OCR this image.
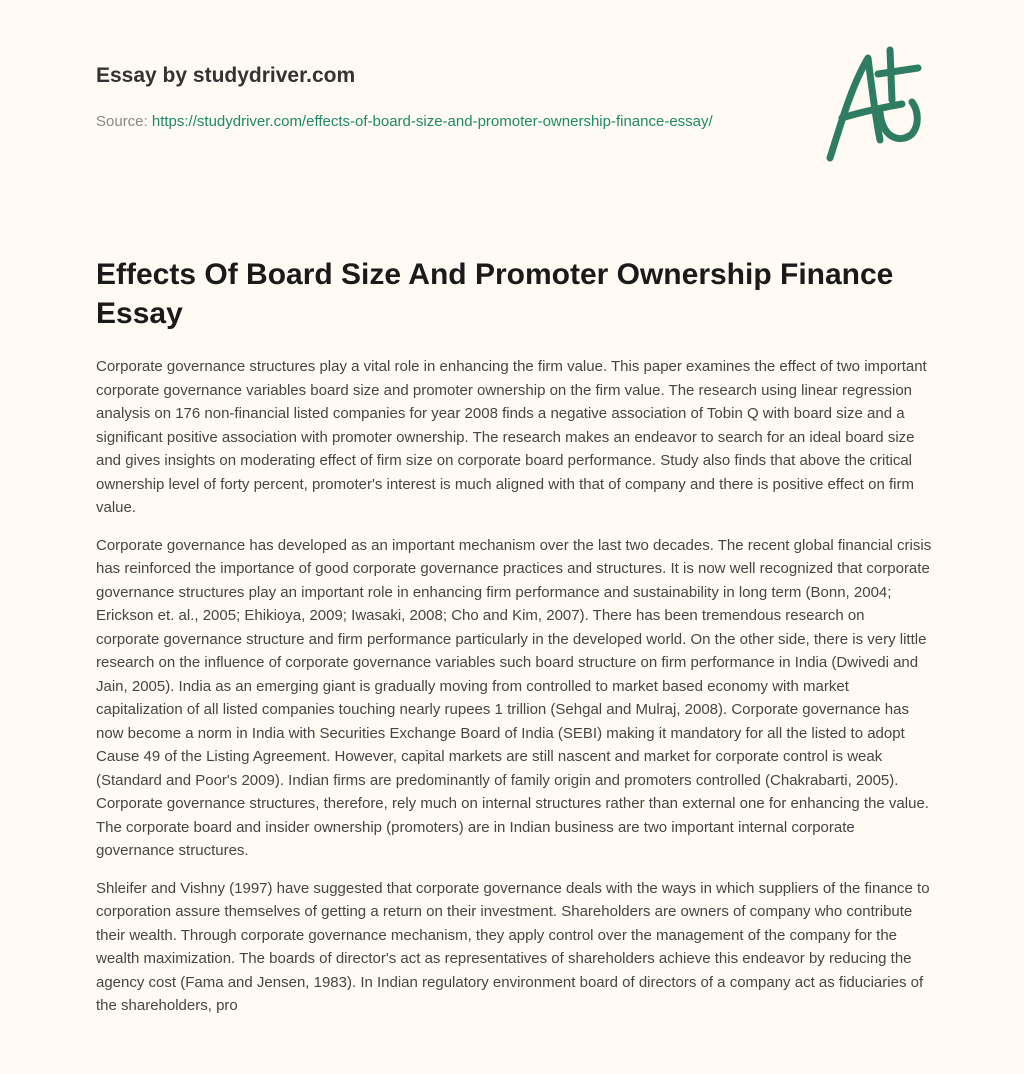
Essay by studydriver.com

Source: https://studydriver.com/effects-of-board-size-and-promoter-ownership-finance-essay/
Effects Of Board Size And Promoter Ownership Finance Essay

Corporate governance structures play a vital role in enhancing the firm value. This paper examines the effect of two important corporate governance variables board size and promoter ownership on the firm value. The research using linear regression analysis on 176 non-financial listed companies for year 2008 finds a negative association of Tobin Q with board size and a significant positive association with promoter ownership. The research makes an endeavor to search for an ideal board size and gives insights on moderating effect of firm size on corporate board performance. Study also finds that above the critical ownership level of forty percent, promoter's interest is much aligned with that of company and there is positive effect on firm value.

Corporate governance has developed as an important mechanism over the last two decades. The recent global financial crisis has reinforced the importance of good corporate governance practices and structures. It is now well recognized that corporate governance structures play an important role in enhancing firm performance and sustainability in long term (Bonn, 2004; Erickson et. al., 2005; Ehikioya, 2009; Iwasaki, 2008; Cho and Kim, 2007). There has been tremendous research on corporate governance structure and firm performance particularly in the developed world. On the other side, there is very little research on the influence of corporate governance variables such board structure on firm performance in India (Dwivedi and Jain, 2005). India as an emerging giant is gradually moving from controlled to market based economy with market capitalization of all listed companies touching nearly rupees 1 trillion (Sehgal and Mulraj, 2008). Corporate governance has now become a norm in India with Securities Exchange Board of India (SEBI) making it mandatory for all the listed to adopt Cause 49 of the Listing Agreement. However, capital markets are still nascent and market for corporate control is weak (Standard and Poor's 2009). Indian firms are predominantly of family origin and promoters controlled (Chakrabarti, 2005). Corporate governance structures, therefore, rely much on internal structures rather than external one for enhancing the value. The corporate board and insider ownership (promoters) are in Indian business are two important internal corporate governance structures.

Shleifer and Vishny (1997) have suggested that corporate governance deals with the ways in which suppliers of the finance to corporation assure themselves of getting a return on their investment. Shareholders are owners of company who contribute their wealth. Through corporate governance mechanism, they apply control over the management of the company for the wealth maximization. The boards of director's act as representatives of shareholders achieve this endeavor by reducing the agency cost (Fama and Jensen, 1983). In Indian regulatory environment board of directors of a company act as fiduciaries of the shareholders, pro
